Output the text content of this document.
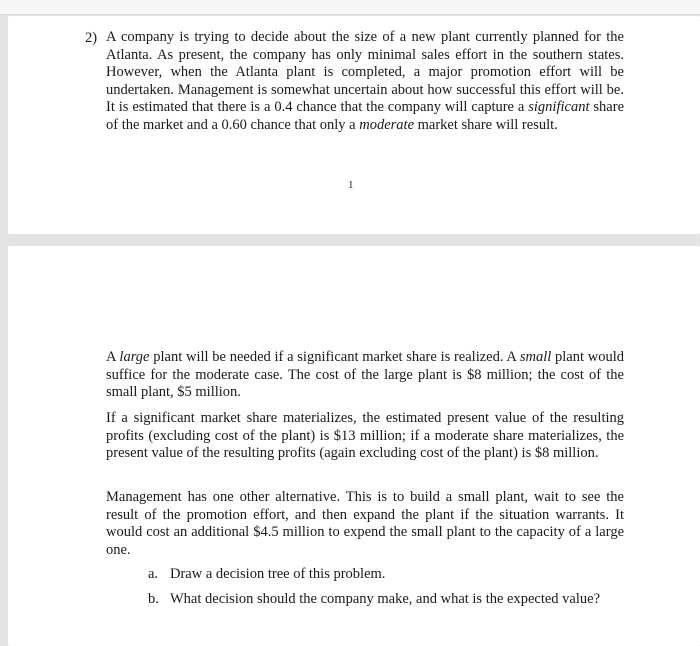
2) A company is trying to decide about the size of a new plant currently planned for the Atlanta. As present, the company has only minimal sales effort in the southern states. However, when the Atlanta plant is completed, a major promotion effort will be undertaken. Management is somewhat uncertain about how successful this effort will be. It is estimated that there is a 0.4 chance that the company will capture a significant share of the market and a 0.60 chance that only a moderate market share will result.

1

A large plant will be needed if a significant market share is realized. A small plant would suffice for the moderate case. The cost of the large plant is $8 million; the cost of the small plant, $5 million.

If a significant market share materializes, the estimated present value of the resulting profits (excluding cost of the plant) is $13 million; if a moderate share materializes, the present value of the resulting profits (again excluding cost of the plant) is $8 million.

Management has one other alternative. This is to build a small plant, wait to see the result of the promotion effort, and then expand the plant if the situation warrants. It would cost an additional $4.5 million to expend the small plant to the capacity of a large one.

a. Draw a decision tree of this problem.
b. What decision should the company make, and what is the expected value?
